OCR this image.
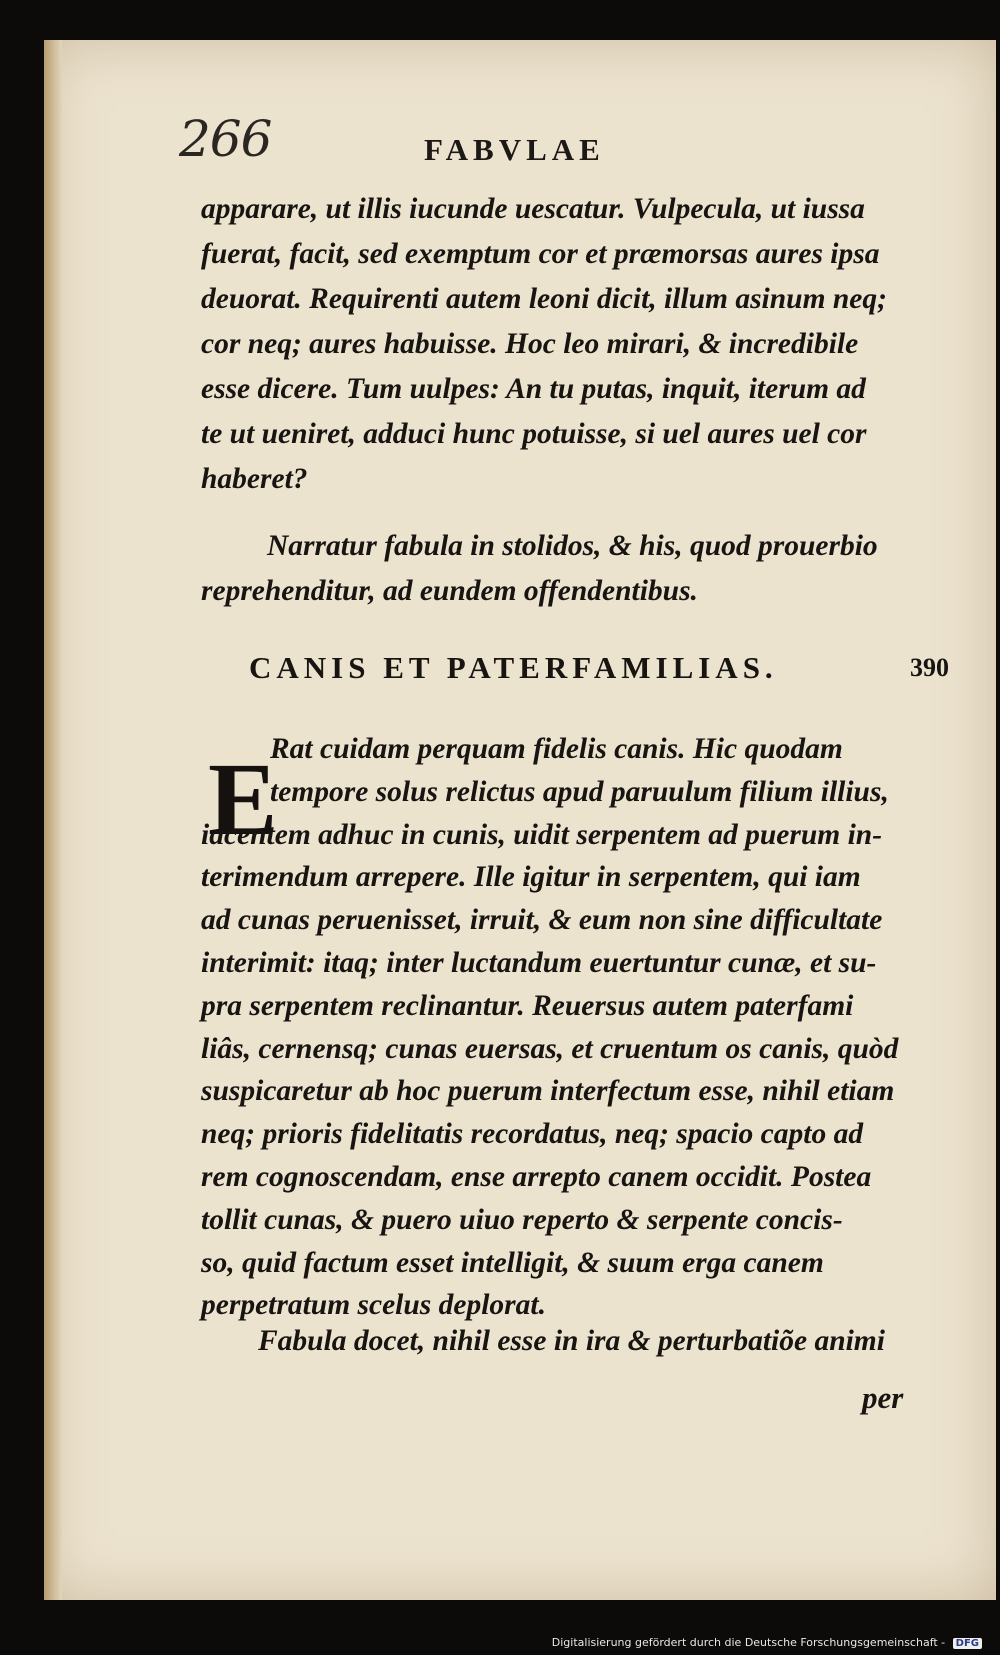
266	FABVLAE
apparare, ut illis iucunde uescatur. Vulpecula, ut iussa
fuerat, facit, sed exemptum cor et præmorsas aures ipsa
deuorat. Requirenti autem leoni dicit, illum asinum neq;
cor neq; aures habuisse. Hoc leo mirari, & incredibile
esse dicere. Tum uulpes: An tu putas, inquit, iterum ad
te ut ueniret, adduci hunc potuisse, si uel aures uel cor
haberet?
Narratur fabula in stolidos, & his, quod prouerbio
reprehenditur, ad eundem offendentibus.
CANIS ET PATERFAMILIAS.	390
E
Rat cuidam perquam fidelis canis. Hic quodam
tempore solus relictus apud paruulum filium illius,
iacentem adhuc in cunis, uidit serpentem ad puerum in-
terimendum arrepere. Ille igitur in serpentem, qui iam
ad cunas peruenisset, irruit, & eum non sine difficultate
interimit: itaq; inter luctandum euertuntur cunæ, et su-
pra serpentem reclinantur. Reuersus autem paterfami
liâs, cernensq; cunas euersas, et cruentum os canis, quòd
suspicaretur ab hoc puerum interfectum esse, nihil etiam
neq; prioris fidelitatis recordatus, neq; spacio capto ad
rem cognoscendam, ense arrepto canem occidit. Postea
tollit cunas, & puero uiuo reperto & serpente concis-
so, quid factum esset intelligit, & suum erga canem
perpetratum scelus deplorat.
Fabula docet, nihil esse in ira & perturbatiõe animi
per
Digitalisierung gefördert durch die Deutsche Forschungsgemeinschaft - DFG
